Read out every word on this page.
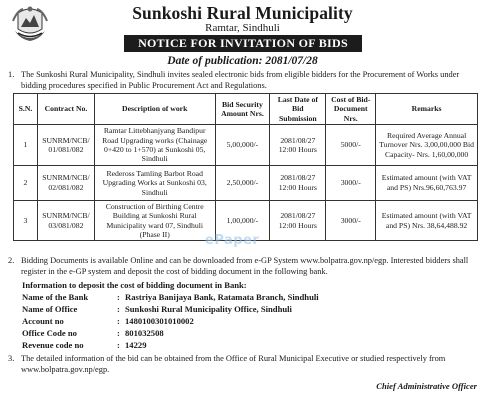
Sunkoshi Rural Municipality
Ramtar, Sindhuli
NOTICE FOR INVITATION OF BIDS
Date of publication: 2081/07/28
1. The Sunkoshi Rural Municipality, Sindhuli invites sealed electronic bids from eligible bidders for the Procurement of Works under bidding procedures specified in Public Procurement Act and Regulations.
S.N.	Contract No.	Description of work	Bid Security Amount Nrs.	Last Date of Bid Submission	Cost of Bid- Document Nrs.	Remarks
1	SUNRM/NCB/ 01/081/082	Ramtar Littebhanjyang Bandipur Road Upgrading works (Chainage 0+420 to 1+570) at Sunkoshi 05, Sindhuli	5,00,000/-	2081/08/27 12:00 Hours	5000/-	Required Average Annual Turnover Nrs. 3,00,00,000 Bid Capacity- Nrs. 1,60,00,000
2	SUNRM/NCB/ 02/081/082	Redeross Tamling Barbot Road Upgrading Works at Sunkoshi 03, Sindhuli	2,50,000/-	2081/08/27 12:00 Hours	3000/-	Estimated amount (with VAT and PS) Nrs.96,60,763.97
3	SUNRM/NCB/ 03/081/082	Construction of Birthing Centre Building at Sunkoshi Rural Municipality ward 07, Sindhuli (Phase II)	1,00,000/-	2081/08/27 12:00 Hours	3000/-	Estimated amount (with VAT and PS) Nrs. 38,64,488.92
ePaper
2. Bidding Documents is available Online and can be downloaded from e-GP System www.bolpatra.gov.np/egp. Interested bidders shall register in the e-GP system and deposit the cost of bidding document in the following bank.
Information to deposit the cost of bidding document in Bank:
Name of the Bank	: Rastriya Banijaya Bank, Ratamata Branch, Sindhuli
Name of Office	: Sunkoshi Rural Municipality Office, Sindhuli
Account no	: 1480100301010002
Office Code no	: 801032508
Revenue code no	: 14229
3. The detailed information of the bid can be obtained from the Office of Rural Municipal Executive or studied respectively from www.bolpatra.gov.np/egp.
Chief Administrative Officer
